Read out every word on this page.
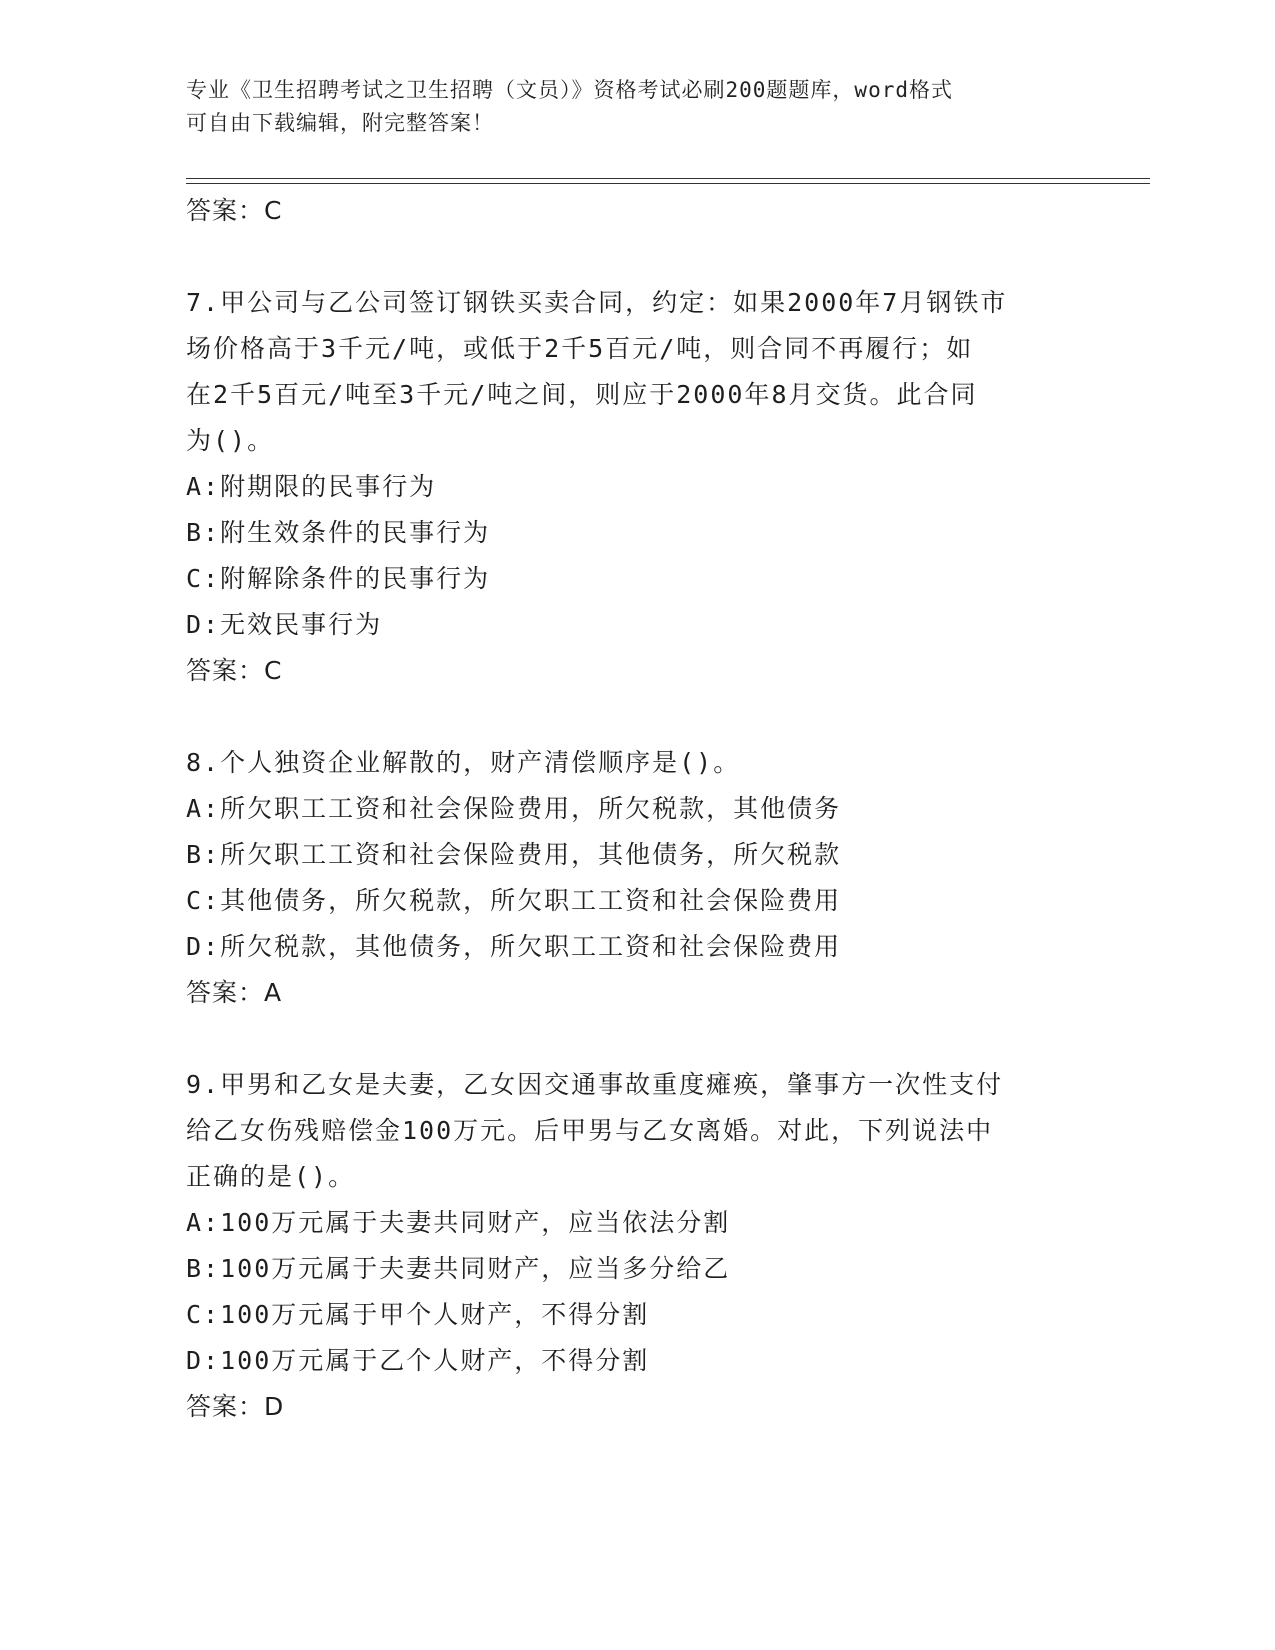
专业《卫生招聘考试之卫生招聘（文员）》资格考试必刷200题题库，word格式
可自由下载编辑，附完整答案！
答案：C
7.甲公司与乙公司签订钢铁买卖合同，约定：如果2000年7月钢铁市
场价格高于3千元/吨，或低于2千5百元/吨，则合同不再履行；如
在2千5百元/吨至3千元/吨之间，则应于2000年8月交货。此合同
为()。
A:附期限的民事行为
B:附生效条件的民事行为
C:附解除条件的民事行为
D:无效民事行为
答案：C
8.个人独资企业解散的，财产清偿顺序是()。
A:所欠职工工资和社会保险费用，所欠税款，其他债务
B:所欠职工工资和社会保险费用，其他债务，所欠税款
C:其他债务，所欠税款，所欠职工工资和社会保险费用
D:所欠税款，其他债务，所欠职工工资和社会保险费用
答案：A
9.甲男和乙女是夫妻，乙女因交通事故重度瘫痪，肇事方一次性支付
给乙女伤残赔偿金100万元。后甲男与乙女离婚。对此，下列说法中
正确的是()。
A:100万元属于夫妻共同财产，应当依法分割
B:100万元属于夫妻共同财产，应当多分给乙
C:100万元属于甲个人财产，不得分割
D:100万元属于乙个人财产，不得分割
答案：D
